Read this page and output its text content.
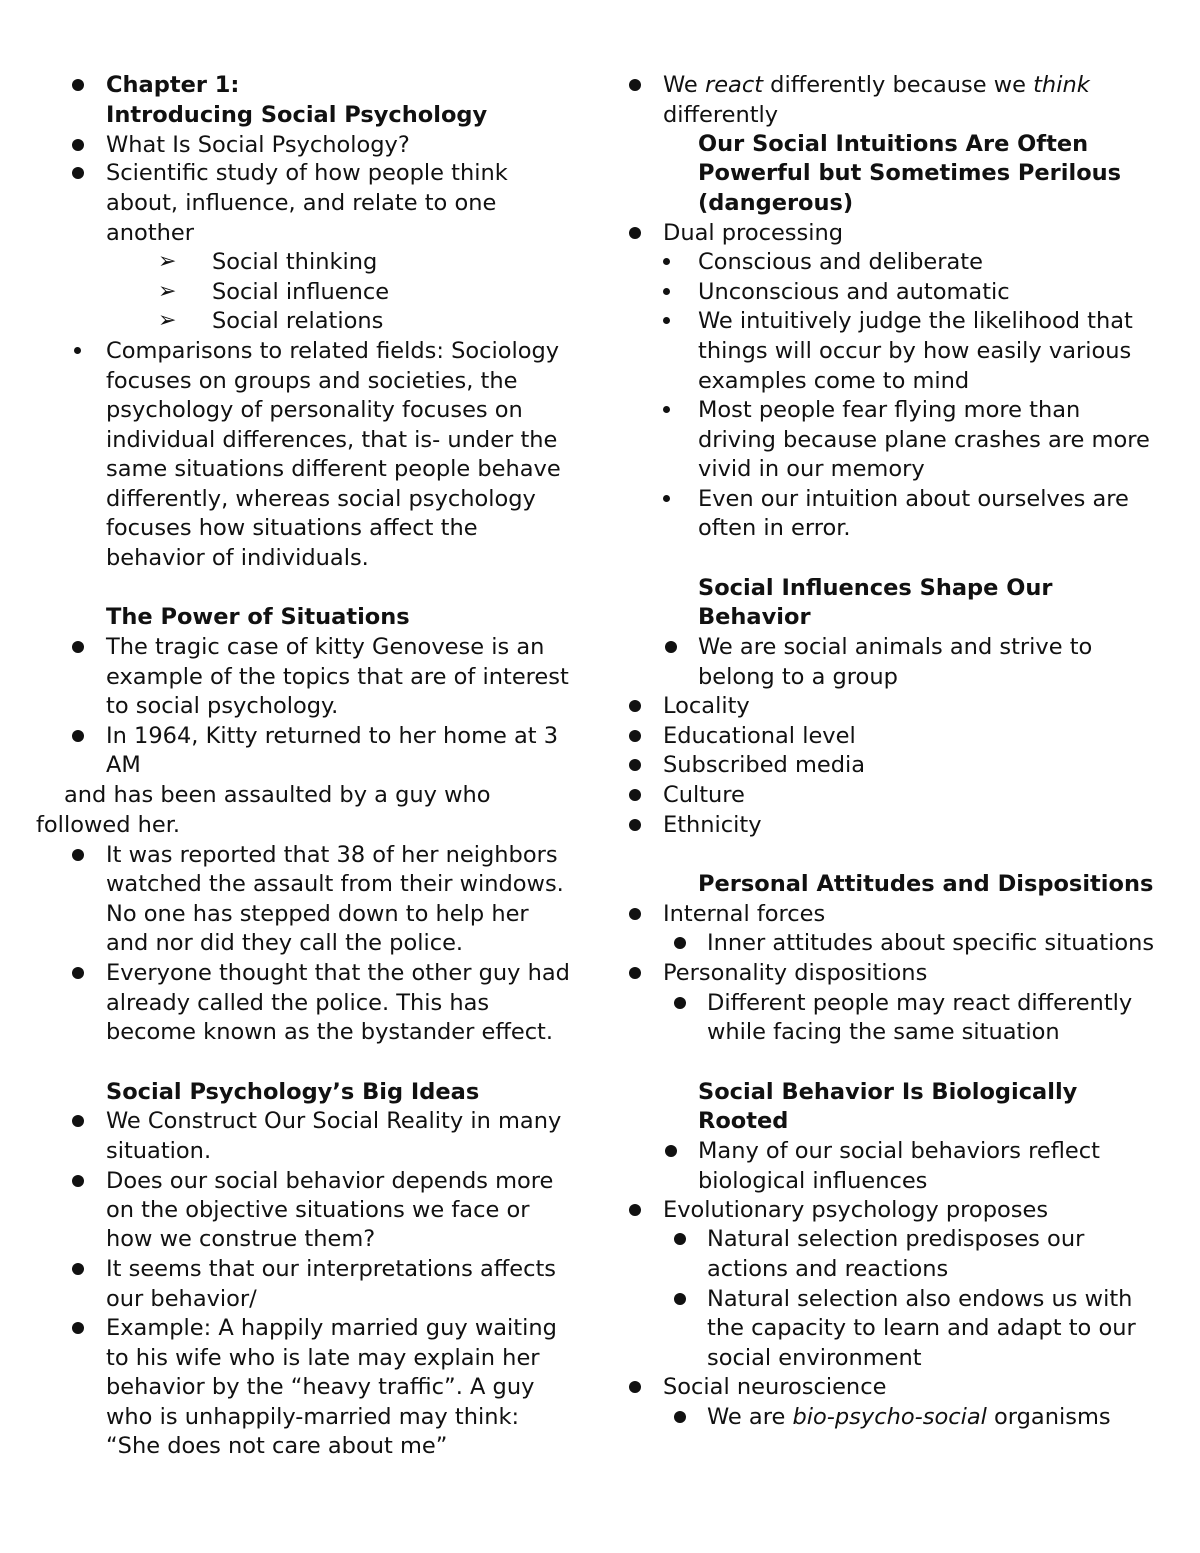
Chapter 1:
Introducing Social Psychology
What Is Social Psychology?
Scientific study of how people think
about, influence, and relate to one
another
➢ Social thinking
➢ Social influence
➢ Social relations
Comparisons to related fields: Sociology
focuses on groups and societies, the
psychology of personality focuses on
individual differences, that is- under the
same situations different people behave
differently, whereas social psychology
focuses how situations affect the
behavior of individuals.
The Power of Situations
The tragic case of kitty Genovese is an
example of the topics that are of interest
to social psychology.
In 1964, Kitty returned to her home at 3
AM
and has been assaulted by a guy who
followed her.
It was reported that 38 of her neighbors
watched the assault from their windows.
No one has stepped down to help her
and nor did they call the police.
Everyone thought that the other guy had
already called the police. This has
become known as the bystander effect.
Social Psychology’s Big Ideas
We Construct Our Social Reality in many
situation.
Does our social behavior depends more
on the objective situations we face or
how we construe them?
It seems that our interpretations affects
our behavior/
Example: A happily married guy waiting
to his wife who is late may explain her
behavior by the “heavy traffic”. A guy
who is unhappily-married may think:
“She does not care about me”
We react differently because we think
differently
Our Social Intuitions Are Often
Powerful but Sometimes Perilous
(dangerous)
Dual processing
Conscious and deliberate
Unconscious and automatic
We intuitively judge the likelihood that
things will occur by how easily various
examples come to mind
Most people fear flying more than
driving because plane crashes are more
vivid in our memory
Even our intuition about ourselves are
often in error.
Social Influences Shape Our
Behavior
We are social animals and strive to
belong to a group
Locality
Educational level
Subscribed media
Culture
Ethnicity
Personal Attitudes and Dispositions
Internal forces
Inner attitudes about specific situations
Personality dispositions
Different people may react differently
while facing the same situation
Social Behavior Is Biologically
Rooted
Many of our social behaviors reflect
biological influences
Evolutionary psychology proposes
Natural selection predisposes our
actions and reactions
Natural selection also endows us with
the capacity to learn and adapt to our
social environment
Social neuroscience
We are bio-psycho-social organisms
